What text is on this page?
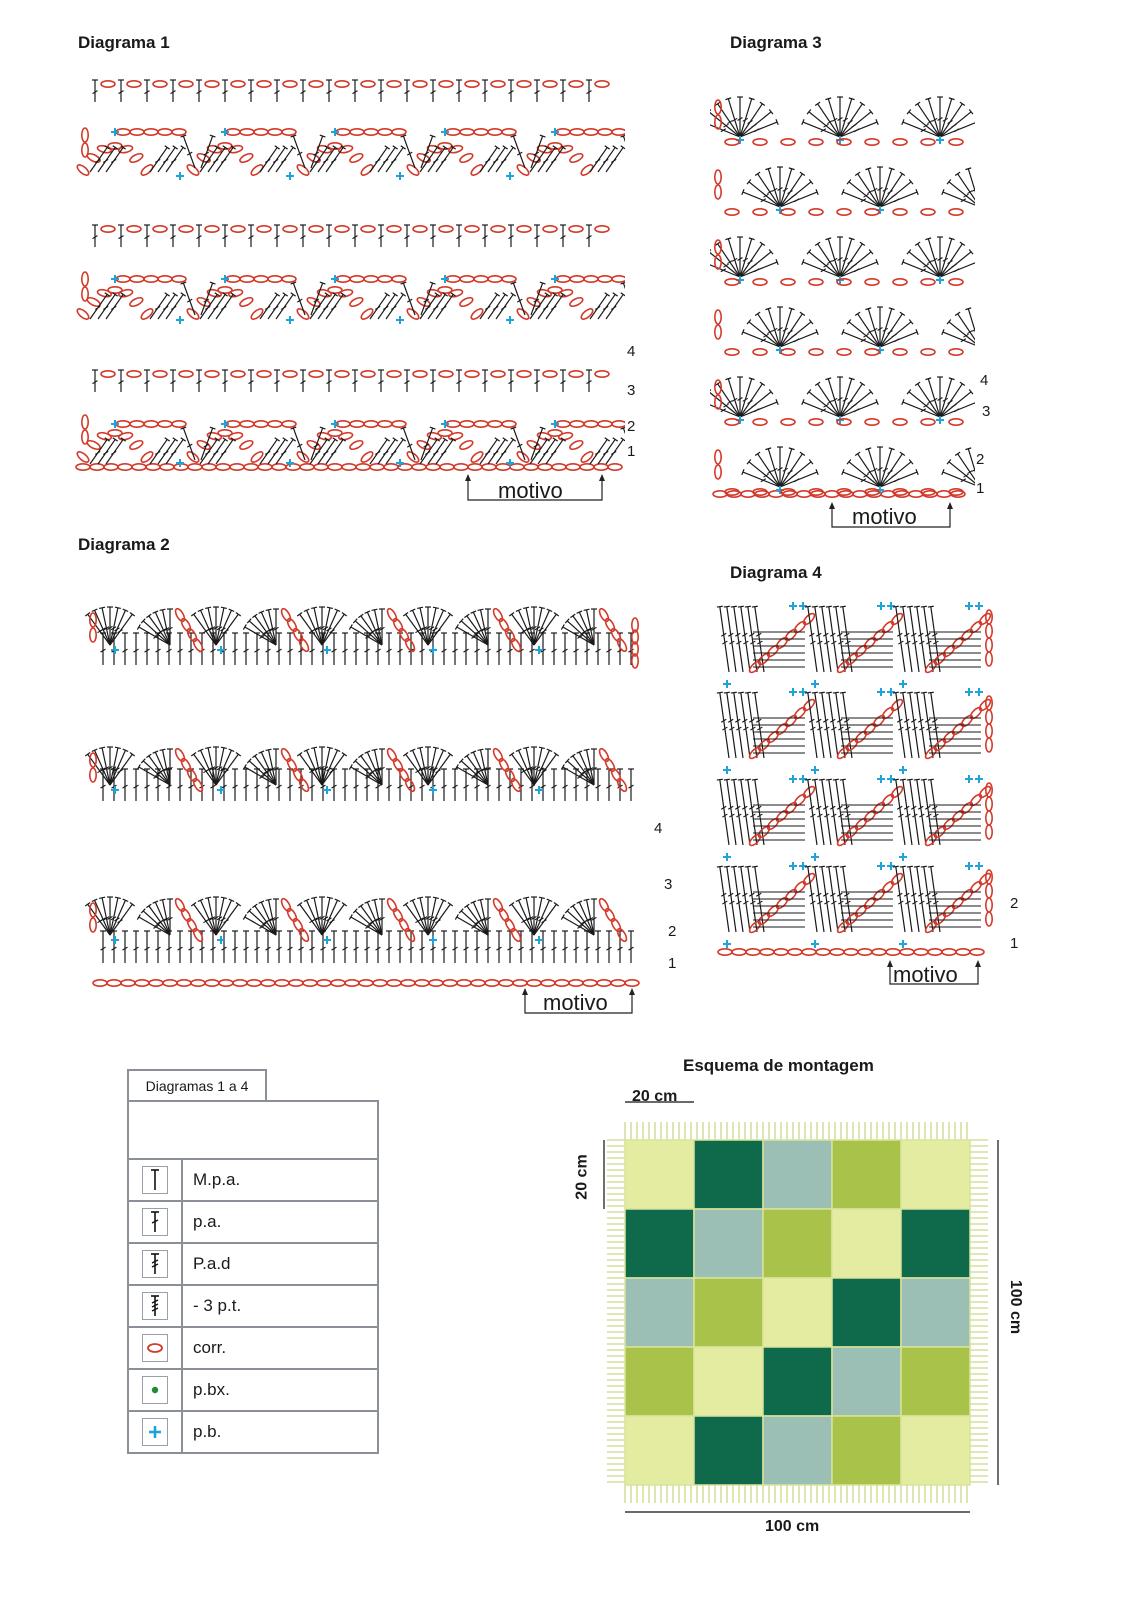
Diagrama 1	Diagrama 3
Diagrama 2
Diagrama 4
4
3
2
1
4
3
2
1
4
3
2
1
2
1
motivo
motivo
motivo
motivo
Diagramas 1 a 4
M.p.a.
p.a.
P.a.d
- 3 p.t.
corr.
p.bx.
p.b.
Esquema de montagem
20 cm
20 cm
100 cm
100 cm
